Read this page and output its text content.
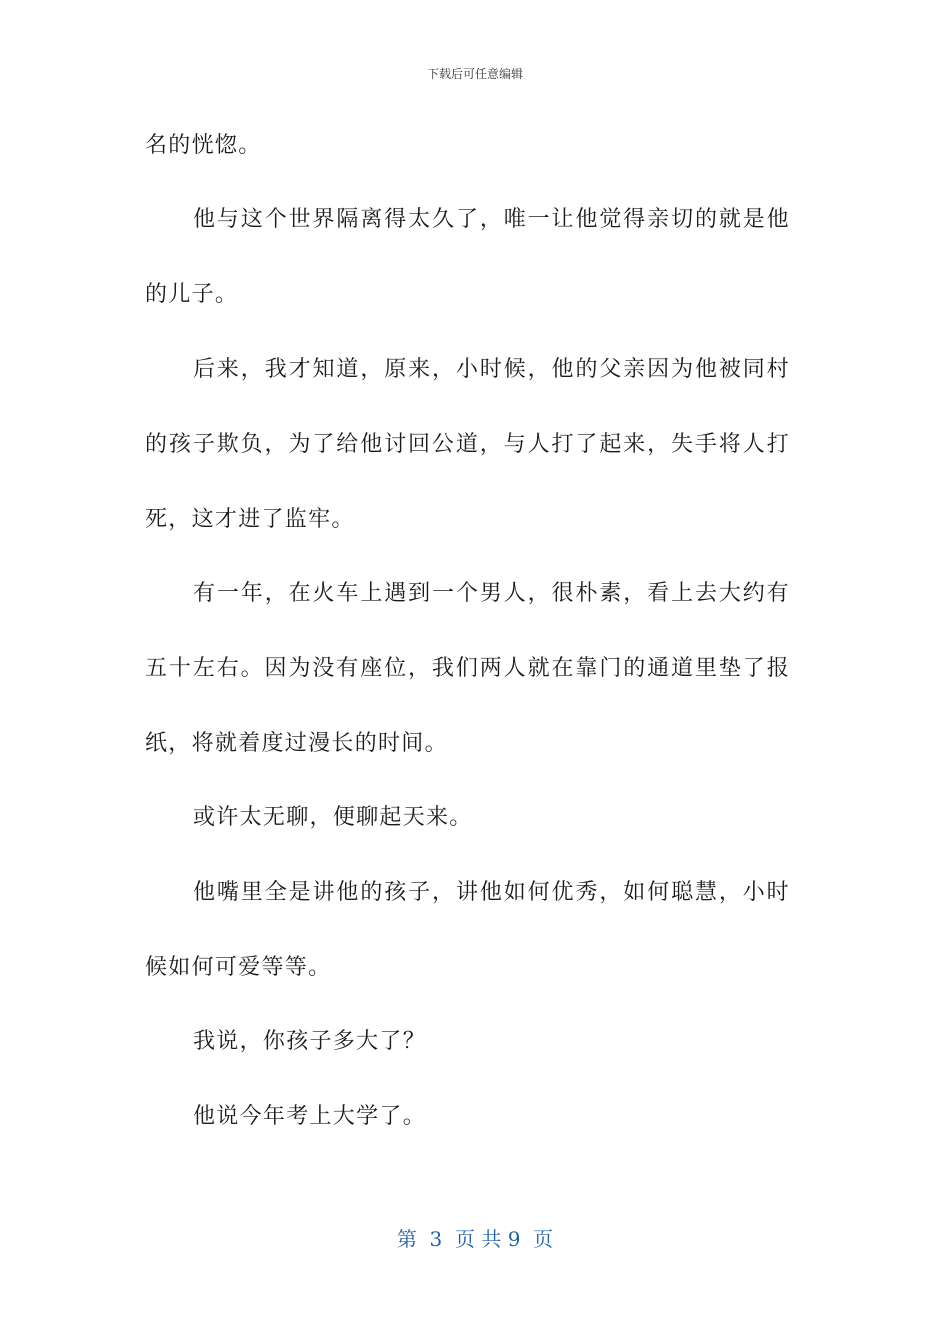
下载后可任意编辑
名的恍惚。
他与这个世界隔离得太久了，唯一让他觉得亲切的就是他
的儿子。
后来，我才知道，原来，小时候，他的父亲因为他被同村
的孩子欺负，为了给他讨回公道，与人打了起来，失手将人打
死，这才进了监牢。
有一年，在火车上遇到一个男人，很朴素，看上去大约有
五十左右。因为没有座位，我们两人就在靠门的通道里垫了报
纸，将就着度过漫长的时间。
或许太无聊，便聊起天来。
他嘴里全是讲他的孩子，讲他如何优秀，如何聪慧，小时
候如何可爱等等。
我说，你孩子多大了？
他说今年考上大学了。
第  3  页 共 9  页
